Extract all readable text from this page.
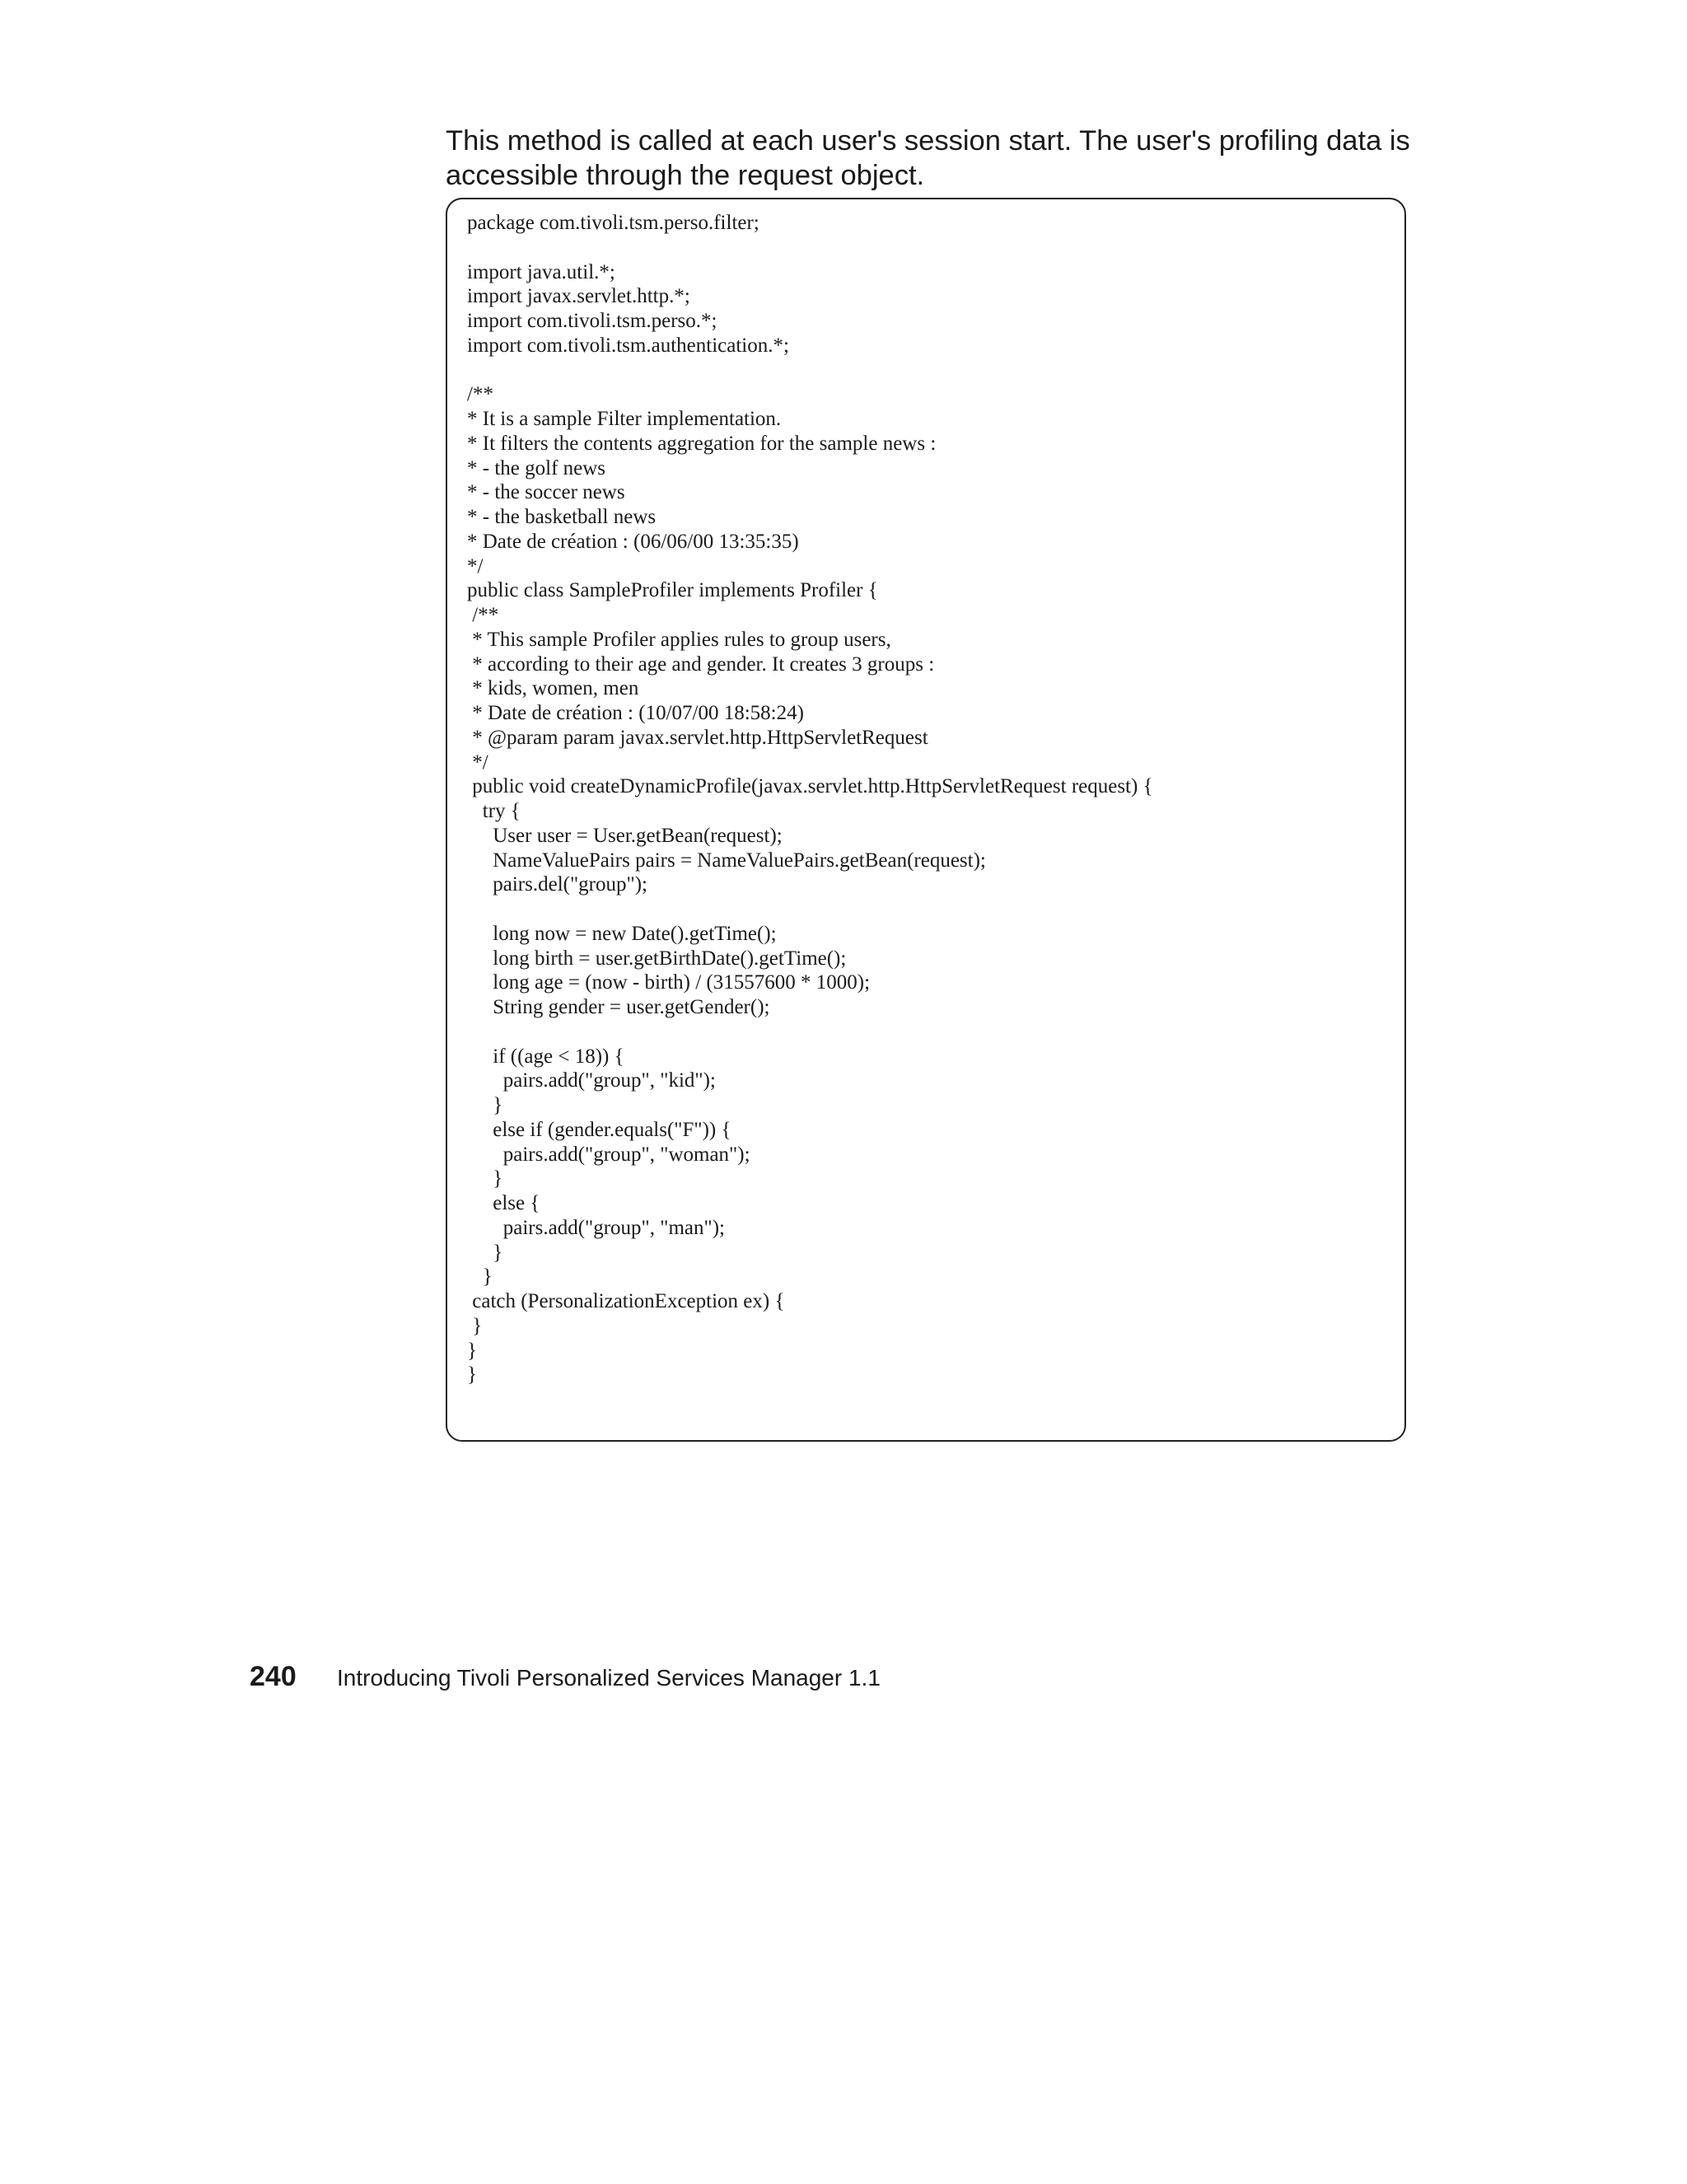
This method is called at each user's session start. The user's profiling data is accessible through the request object.
package com.tivoli.tsm.perso.filter;
import java.util.*;
import javax.servlet.http.*;
import com.tivoli.tsm.perso.*;
import com.tivoli.tsm.authentication.*;
/**
* It is a sample Filter implementation.
* It filters the contents aggregation for the sample news :
* - the golf news
* - the soccer news
* - the basketball news
* Date de création : (06/06/00 13:35:35)
*/
public class SampleProfiler implements Profiler {
/**
* This sample Profiler applies rules to group users,
* according to their age and gender. It creates 3 groups :
* kids, women, men
* Date de création : (10/07/00 18:58:24)
* @param param javax.servlet.http.HttpServletRequest
*/
public void createDynamicProfile(javax.servlet.http.HttpServletRequest request) {
try {
User user = User.getBean(request);
NameValuePairs pairs = NameValuePairs.getBean(request);
pairs.del("group");
long now = new Date().getTime();
long birth = user.getBirthDate().getTime();
long age = (now - birth) / (31557600 * 1000);
String gender = user.getGender();
if ((age < 18)) {
pairs.add("group", "kid");
}
else if (gender.equals("F")) {
pairs.add("group", "woman");
}
else {
pairs.add("group", "man");
}
}
catch (PersonalizationException ex) {
}
}
}
240 Introducing Tivoli Personalized Services Manager 1.1
